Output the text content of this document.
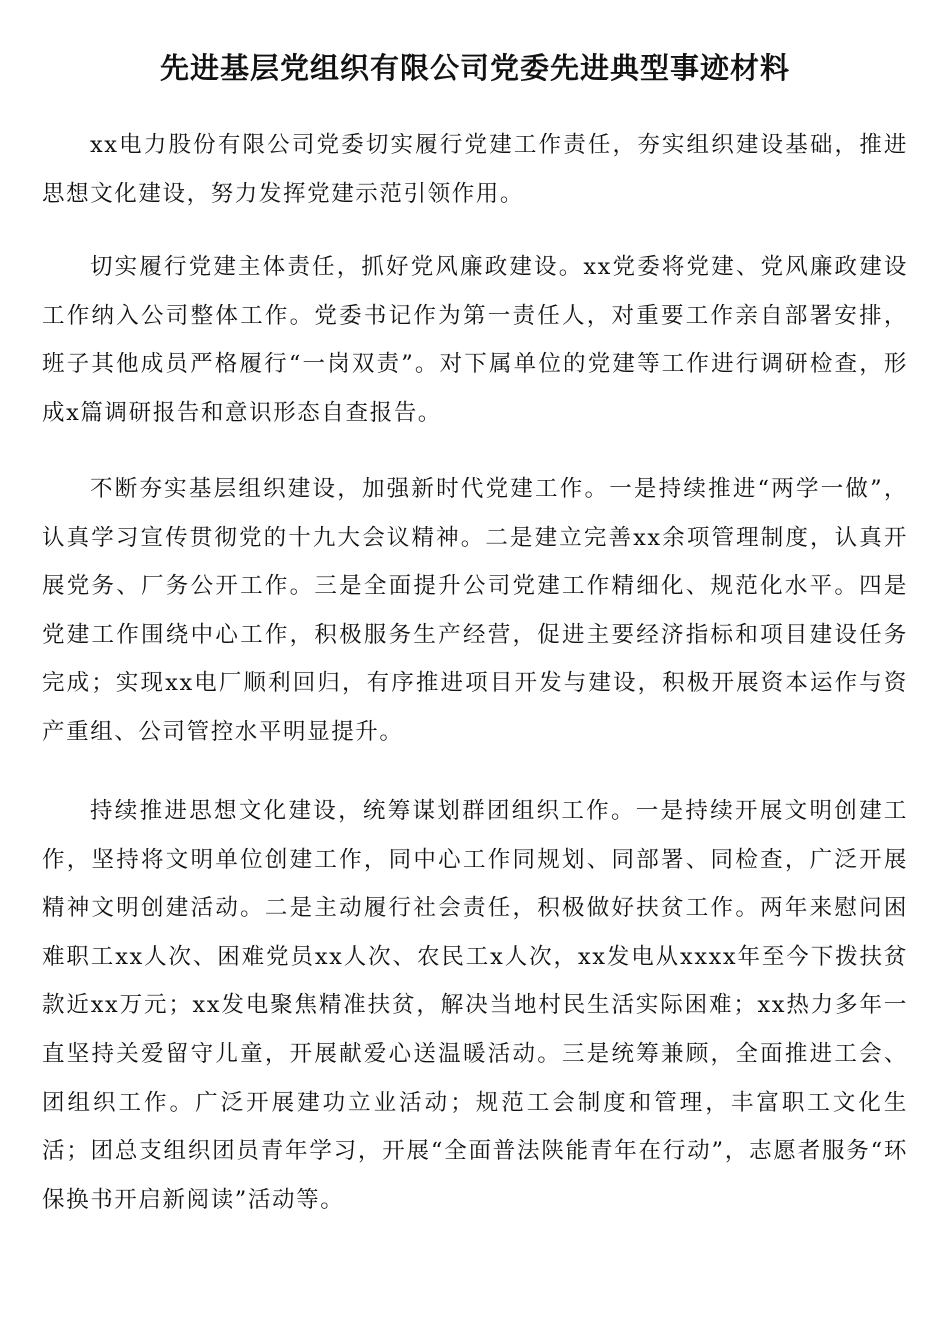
先进基层党组织有限公司党委先进典型事迹材料

xx电力股份有限公司党委切实履行党建工作责任，夯实组织建设基础，推进思想文化建设，努力发挥党建示范引领作用。

切实履行党建主体责任，抓好党风廉政建设。xx党委将党建、党风廉政建设工作纳入公司整体工作。党委书记作为第一责任人，对重要工作亲自部署安排，班子其他成员严格履行“一岗双责”。对下属单位的党建等工作进行调研检查，形成x篇调研报告和意识形态自查报告。

不断夯实基层组织建设，加强新时代党建工作。一是持续推进“两学一做”，认真学习宣传贯彻党的十九大会议精神。二是建立完善xx余项管理制度，认真开展党务、厂务公开工作。三是全面提升公司党建工作精细化、规范化水平。四是党建工作围绕中心工作，积极服务生产经营，促进主要经济指标和项目建设任务完成；实现xx电厂顺利回归，有序推进项目开发与建设，积极开展资本运作与资产重组、公司管控水平明显提升。

持续推进思想文化建设，统筹谋划群团组织工作。一是持续开展文明创建工作，坚持将文明单位创建工作，同中心工作同规划、同部署、同检查，广泛开展精神文明创建活动。二是主动履行社会责任，积极做好扶贫工作。两年来慰问困难职工xx人次、困难党员xx人次、农民工x人次，xx发电从xxxx年至今下拨扶贫款近xx万元；xx发电聚焦精准扶贫，解决当地村民生活实际困难；xx热力多年一直坚持关爱留守儿童，开展献爱心送温暖活动。三是统筹兼顾，全面推进工会、团组织工作。广泛开展建功立业活动；规范工会制度和管理，丰富职工文化生活；团总支组织团员青年学习，开展“全面普法陕能青年在行动”，志愿者服务“环保换书开启新阅读”活动等。
